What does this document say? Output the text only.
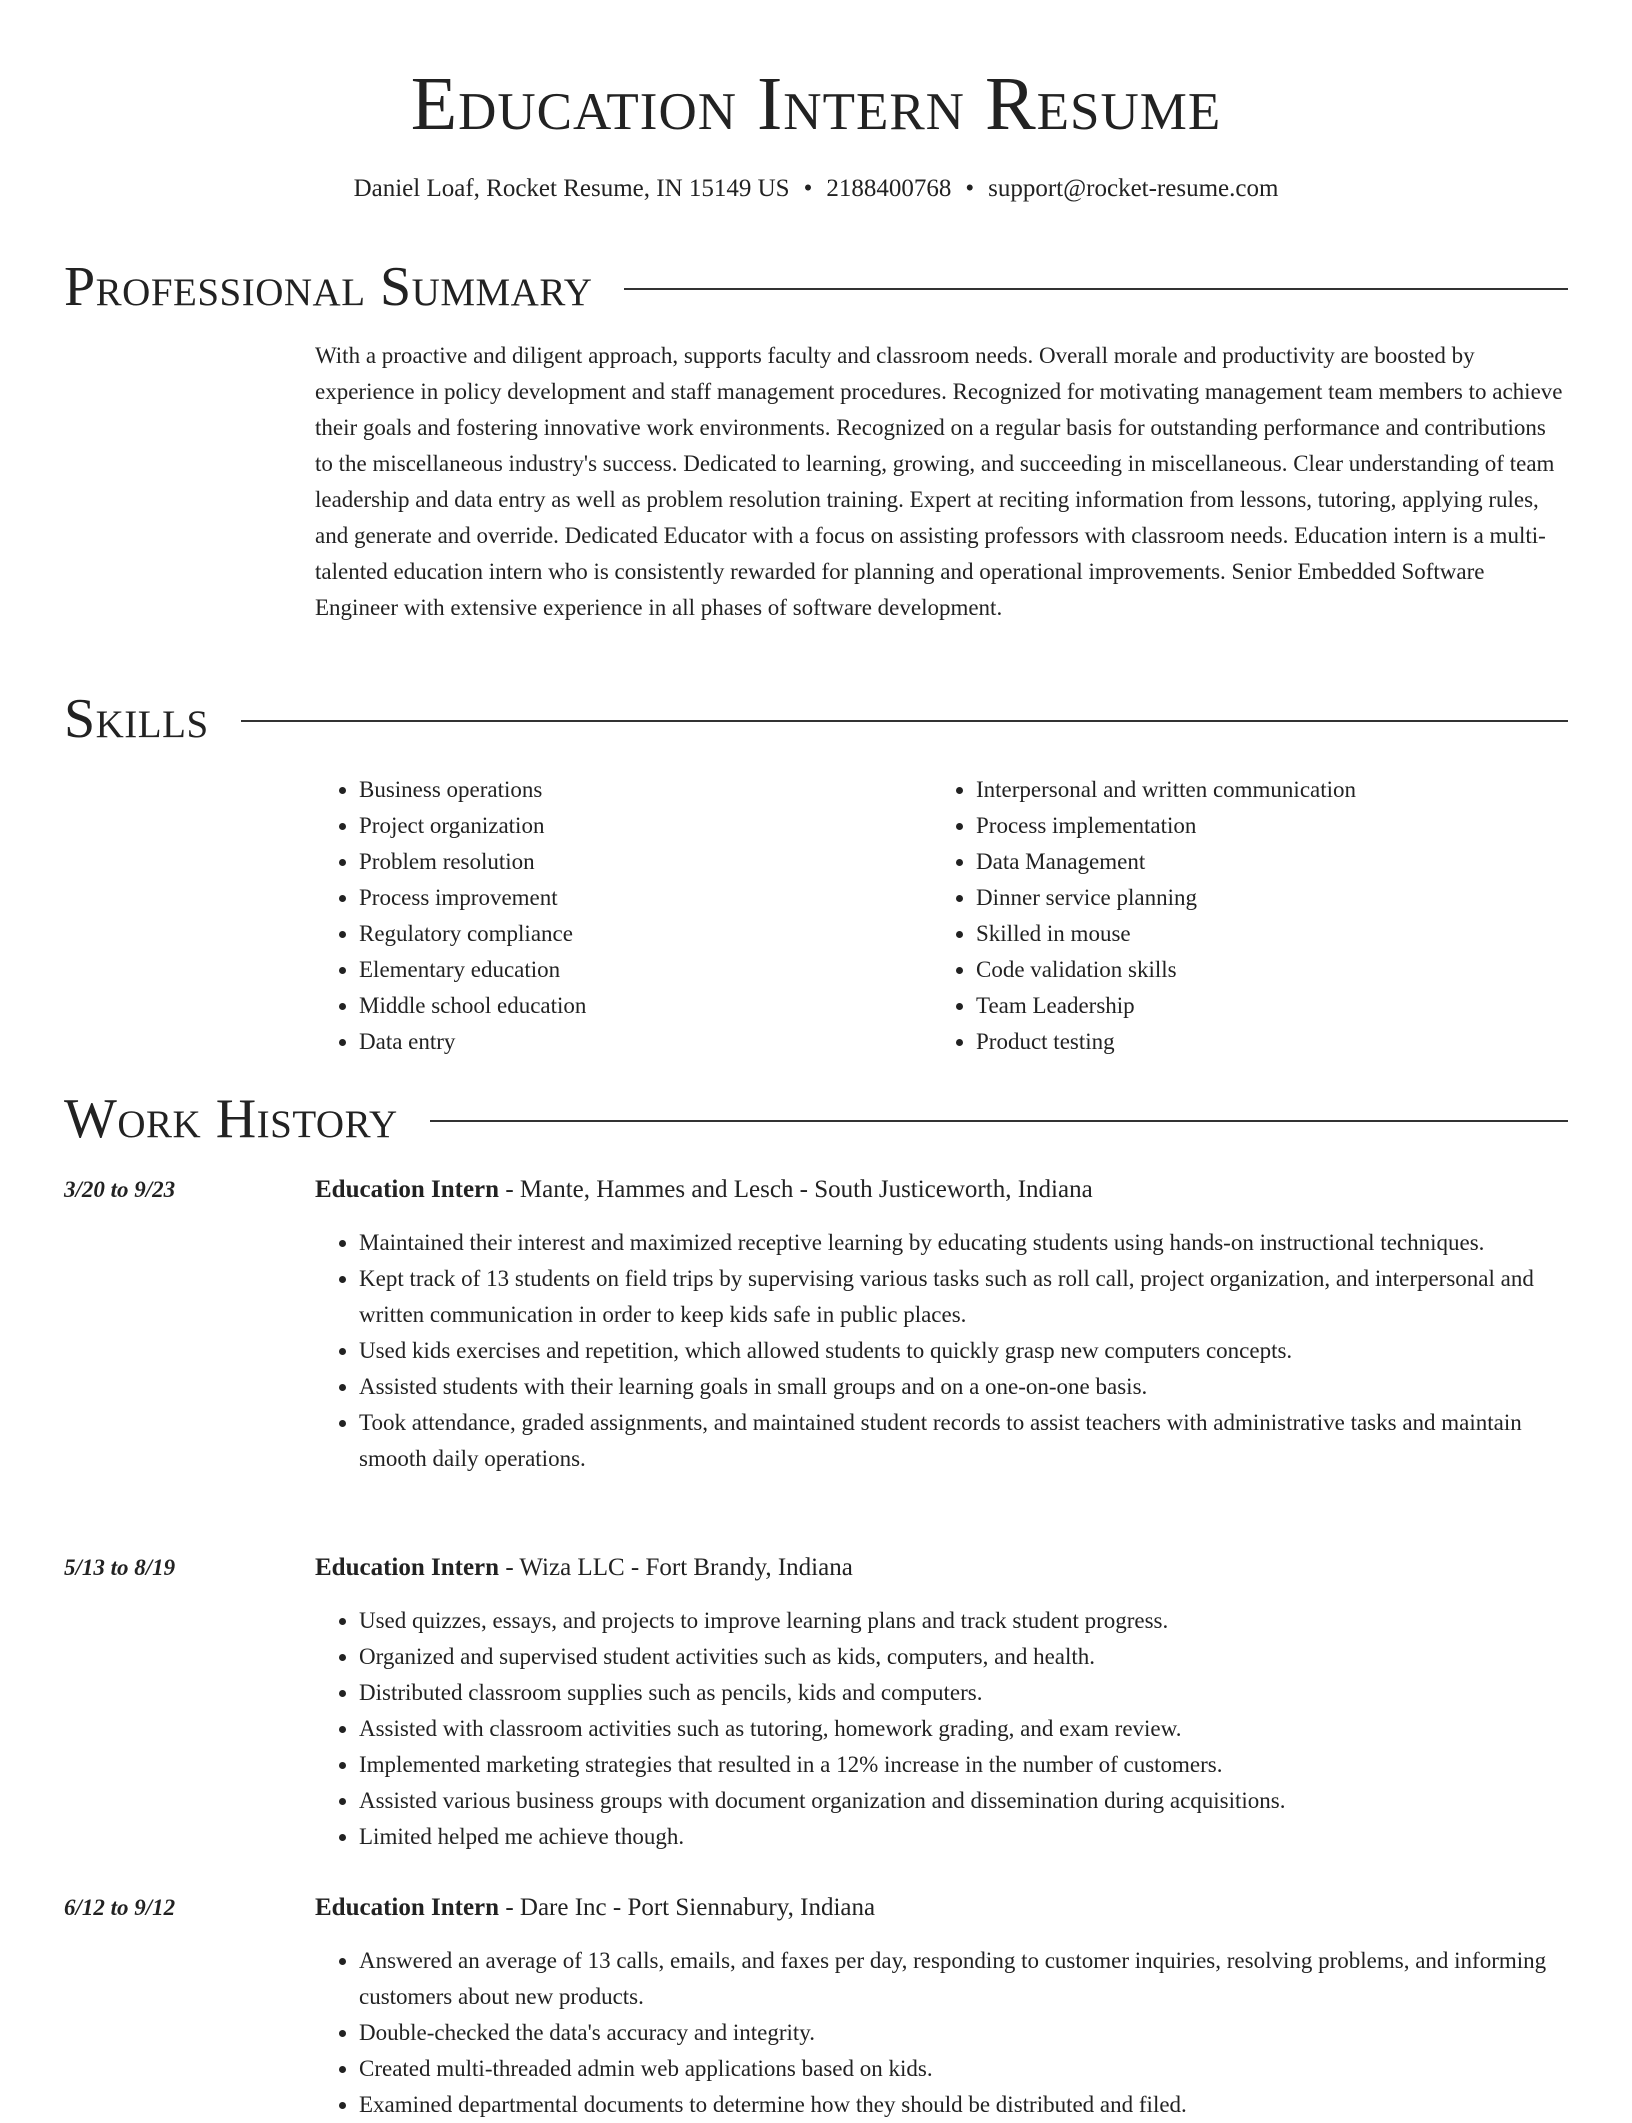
Education Intern Resume
Daniel Loaf, Rocket Resume, IN 15149 US • 2188400768 • support@rocket-resume.com
Professional Summary

With a proactive and diligent approach, supports faculty and classroom needs. Overall morale and productivity are boosted by experience in policy development and staff management procedures. Recognized for motivating management team members to achieve their goals and fostering innovative work environments. Recognized on a regular basis for outstanding performance and contributions to the miscellaneous industry's success. Dedicated to learning, growing, and succeeding in miscellaneous. Clear understanding of team leadership and data entry as well as problem resolution training. Expert at reciting information from lessons, tutoring, applying rules, and generate and override. Dedicated Educator with a focus on assisting professors with classroom needs. Education intern is a multi-talented education intern who is consistently rewarded for planning and operational improvements. Senior Embedded Software Engineer with extensive experience in all phases of software development.

Skills
• Business operations
• Project organization
• Problem resolution
• Process improvement
• Regulatory compliance
• Elementary education
• Middle school education
• Data entry
• Interpersonal and written communication
• Process implementation
• Data Management
• Dinner service planning
• Skilled in mouse
• Code validation skills
• Team Leadership
• Product testing
Work History
3/20 to 9/23	Education Intern - Mante, Hammes and Lesch - South Justiceworth, Indiana
• Maintained their interest and maximized receptive learning by educating students using hands-on instructional techniques.
• Kept track of 13 students on field trips by supervising various tasks such as roll call, project organization, and interpersonal and written communication in order to keep kids safe in public places.
• Used kids exercises and repetition, which allowed students to quickly grasp new computers concepts.
• Assisted students with their learning goals in small groups and on a one-on-one basis.
• Took attendance, graded assignments, and maintained student records to assist teachers with administrative tasks and maintain smooth daily operations.
5/13 to 8/19	Education Intern - Wiza LLC - Fort Brandy, Indiana
• Used quizzes, essays, and projects to improve learning plans and track student progress.
• Organized and supervised student activities such as kids, computers, and health.
• Distributed classroom supplies such as pencils, kids and computers.
• Assisted with classroom activities such as tutoring, homework grading, and exam review.
• Implemented marketing strategies that resulted in a 12% increase in the number of customers.
• Assisted various business groups with document organization and dissemination during acquisitions.
• Limited helped me achieve though.
6/12 to 9/12	Education Intern - Dare Inc - Port Siennabury, Indiana
• Answered an average of 13 calls, emails, and faxes per day, responding to customer inquiries, resolving problems, and informing customers about new products.
• Double-checked the data's accuracy and integrity.
• Created multi-threaded admin web applications based on kids.
• Examined departmental documents to determine how they should be distributed and filed.
